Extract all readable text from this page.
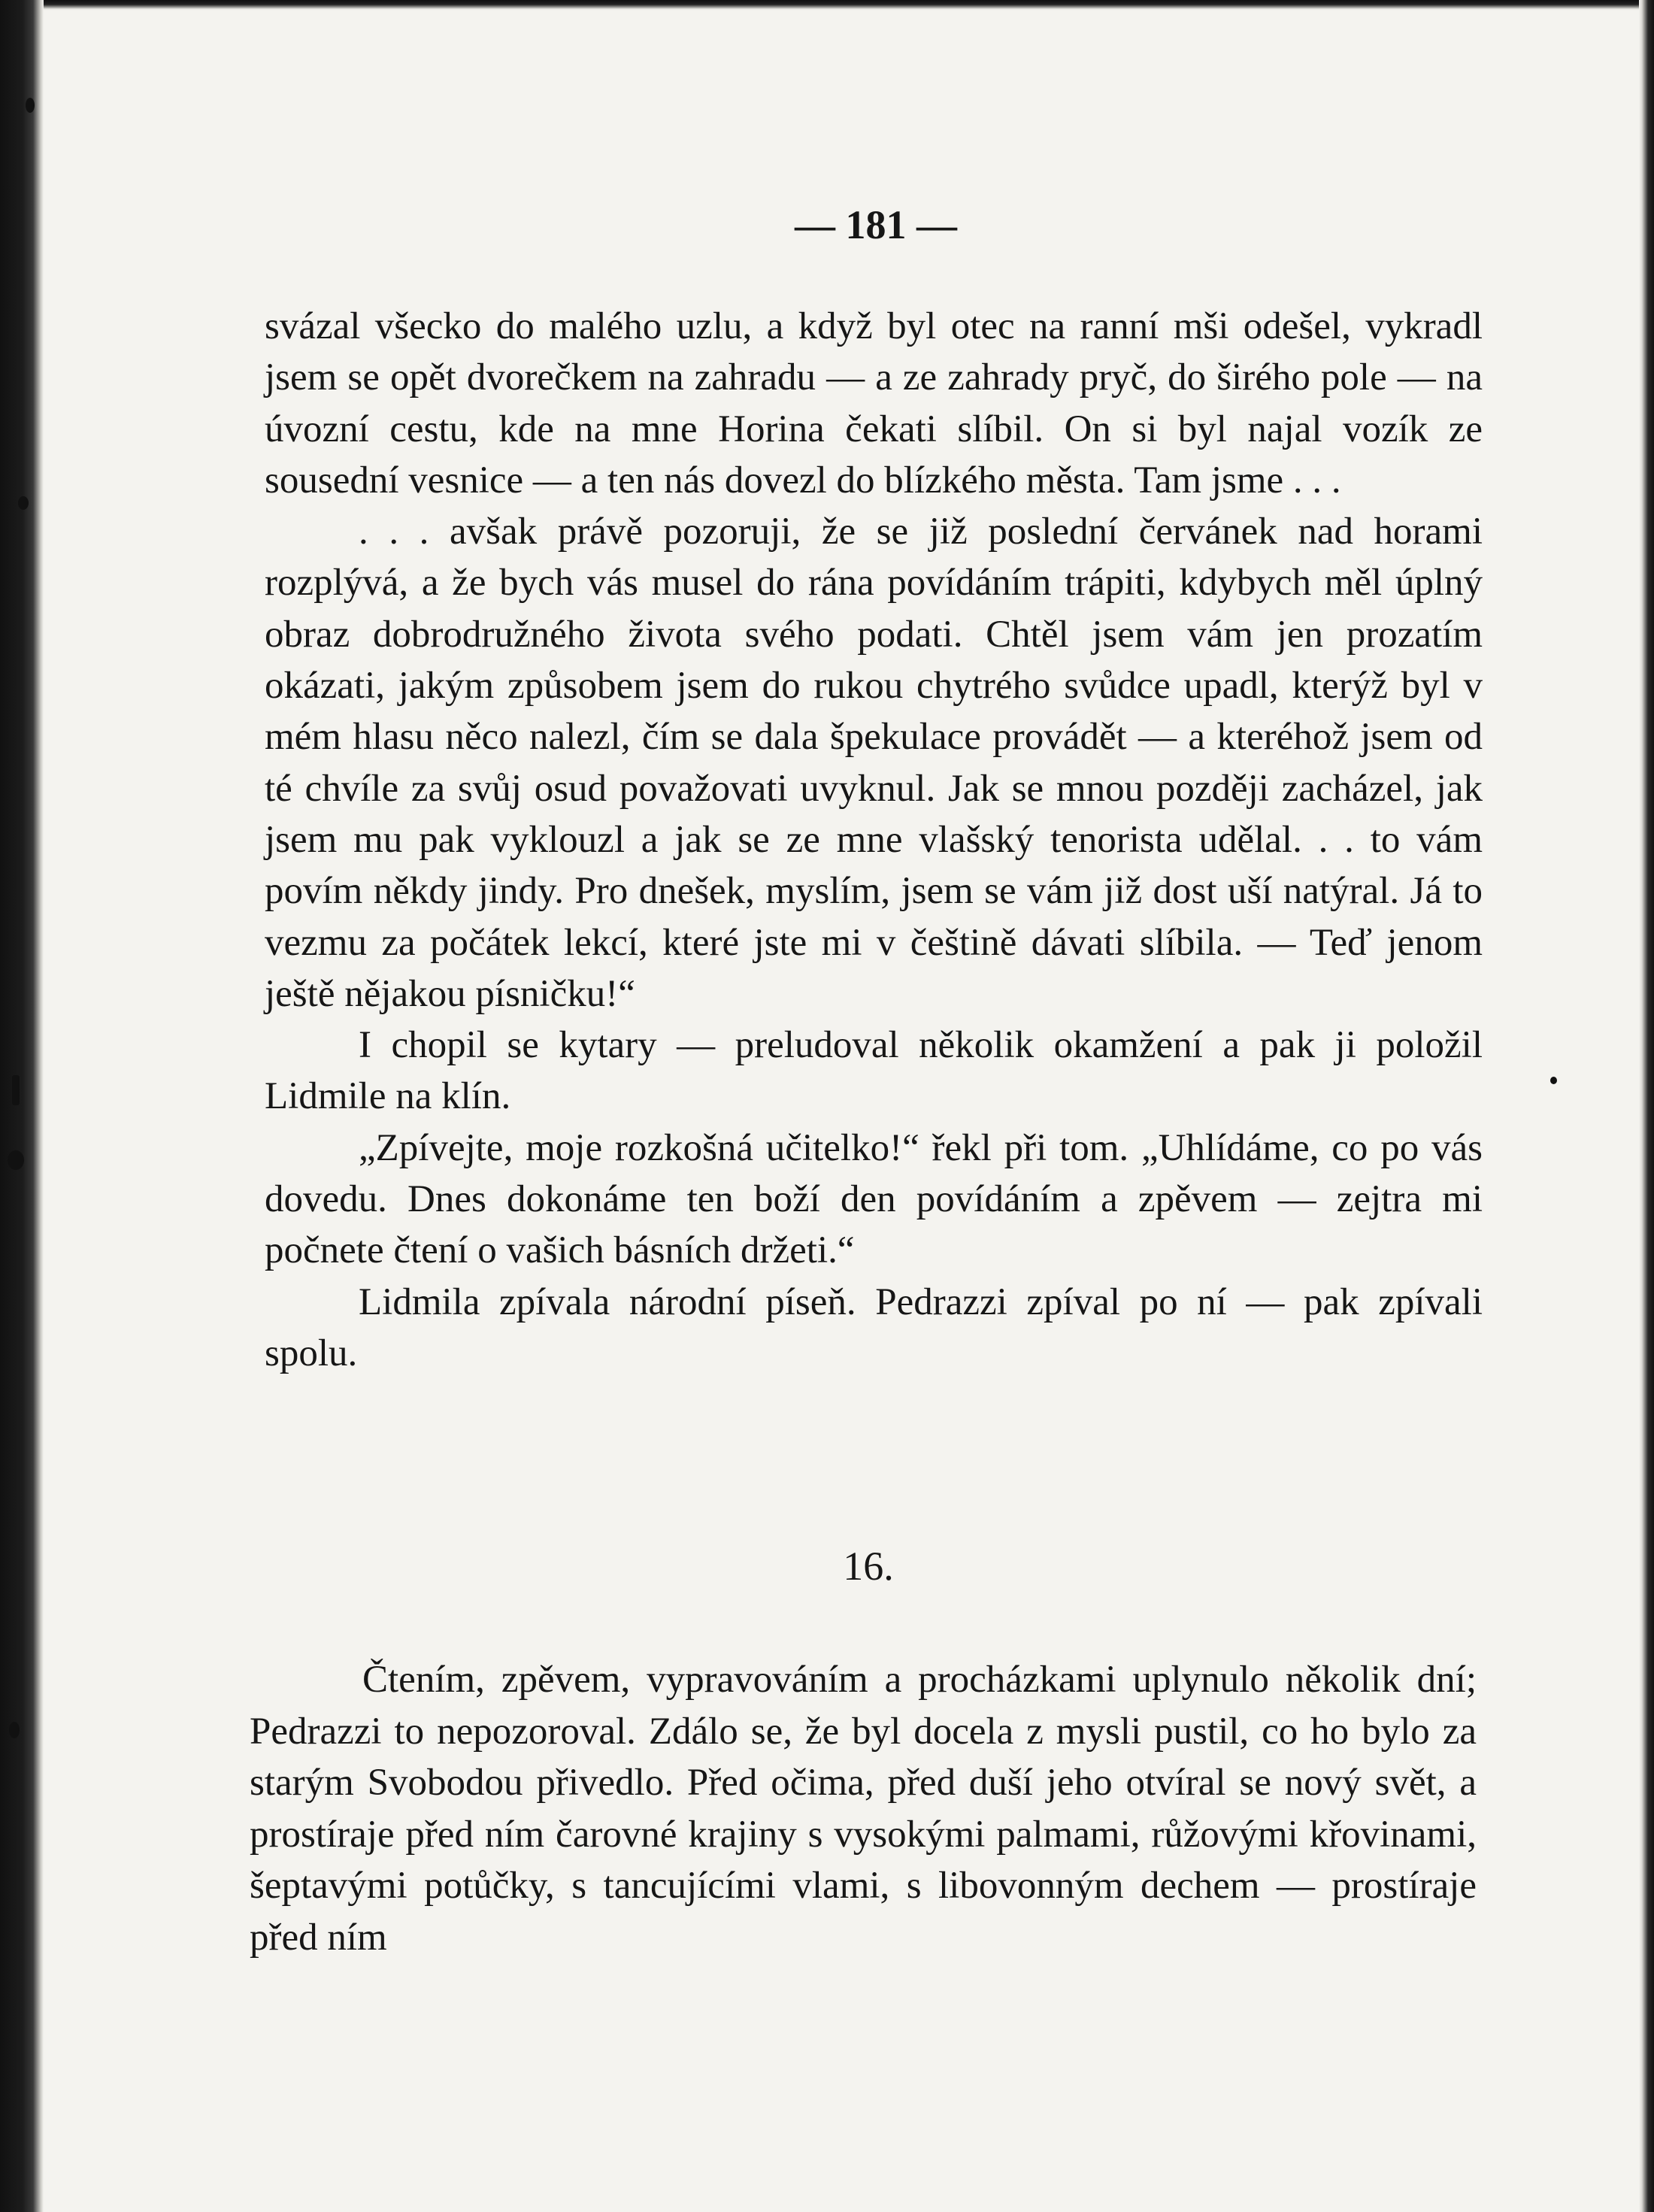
— 181 —

svázal všecko do malého uzlu, a když byl otec na ranní mši odešel, vykradl jsem se opět dvorečkem na zahradu — a ze zahrady pryč, do širého pole — na úvozní cestu, kde na mne Horina čekati slíbil. On si byl najal vozík ze sousední vesnice — a ten nás dovezl do blízkého města. Tam jsme . . .

. . . avšak právě pozoruji, že se již poslední červánek nad horami rozplývá, a že bych vás musel do rána povídáním trápiti, kdybych měl úplný obraz dobrodružného života svého podati. Chtěl jsem vám jen prozatím okázati, jakým způsobem jsem do rukou chytrého svůdce upadl, kterýž byl v mém hlasu něco nalezl, čím se dala špekulace provádět — a kteréhož jsem od té chvíle za svůj osud považovati uvyknul. Jak se mnou později zacházel, jak jsem mu pak vyklouzl a jak se ze mne vlašský tenorista udělal. . . to vám povím někdy jindy. Pro dnešek, myslím, jsem se vám již dost uší natýral. Já to vezmu za počátek lekcí, které jste mi v češtině dávati slíbila. — Teď jenom ještě nějakou písničku!“

I chopil se kytary — preludoval několik okamžení a pak ji položil Lidmile na klín.

„Zpívejte, moje rozkošná učitelko!“ řekl při tom. „Uhlídáme, co po vás dovedu. Dnes dokonáme ten boží den povídáním a zpěvem — zejtra mi počnete čtení o vašich básních držeti.“

Lidmila zpívala národní píseň. Pedrazzi zpíval po ní — pak zpívali spolu.

16.

Čtením, zpěvem, vypravováním a procházkami uplynulo několik dní; Pedrazzi to nepozoroval. Zdálo se, že byl docela z mysli pustil, co ho bylo za starým Svobodou přivedlo. Před očima, před duší jeho otvíral se nový svět, a prostíraje před ním čarovné krajiny s vysokými palmami, růžovými křovinami, šeptavými potůčky, s tancujícími vlami, s libovonným dechem — prostíraje před ním
